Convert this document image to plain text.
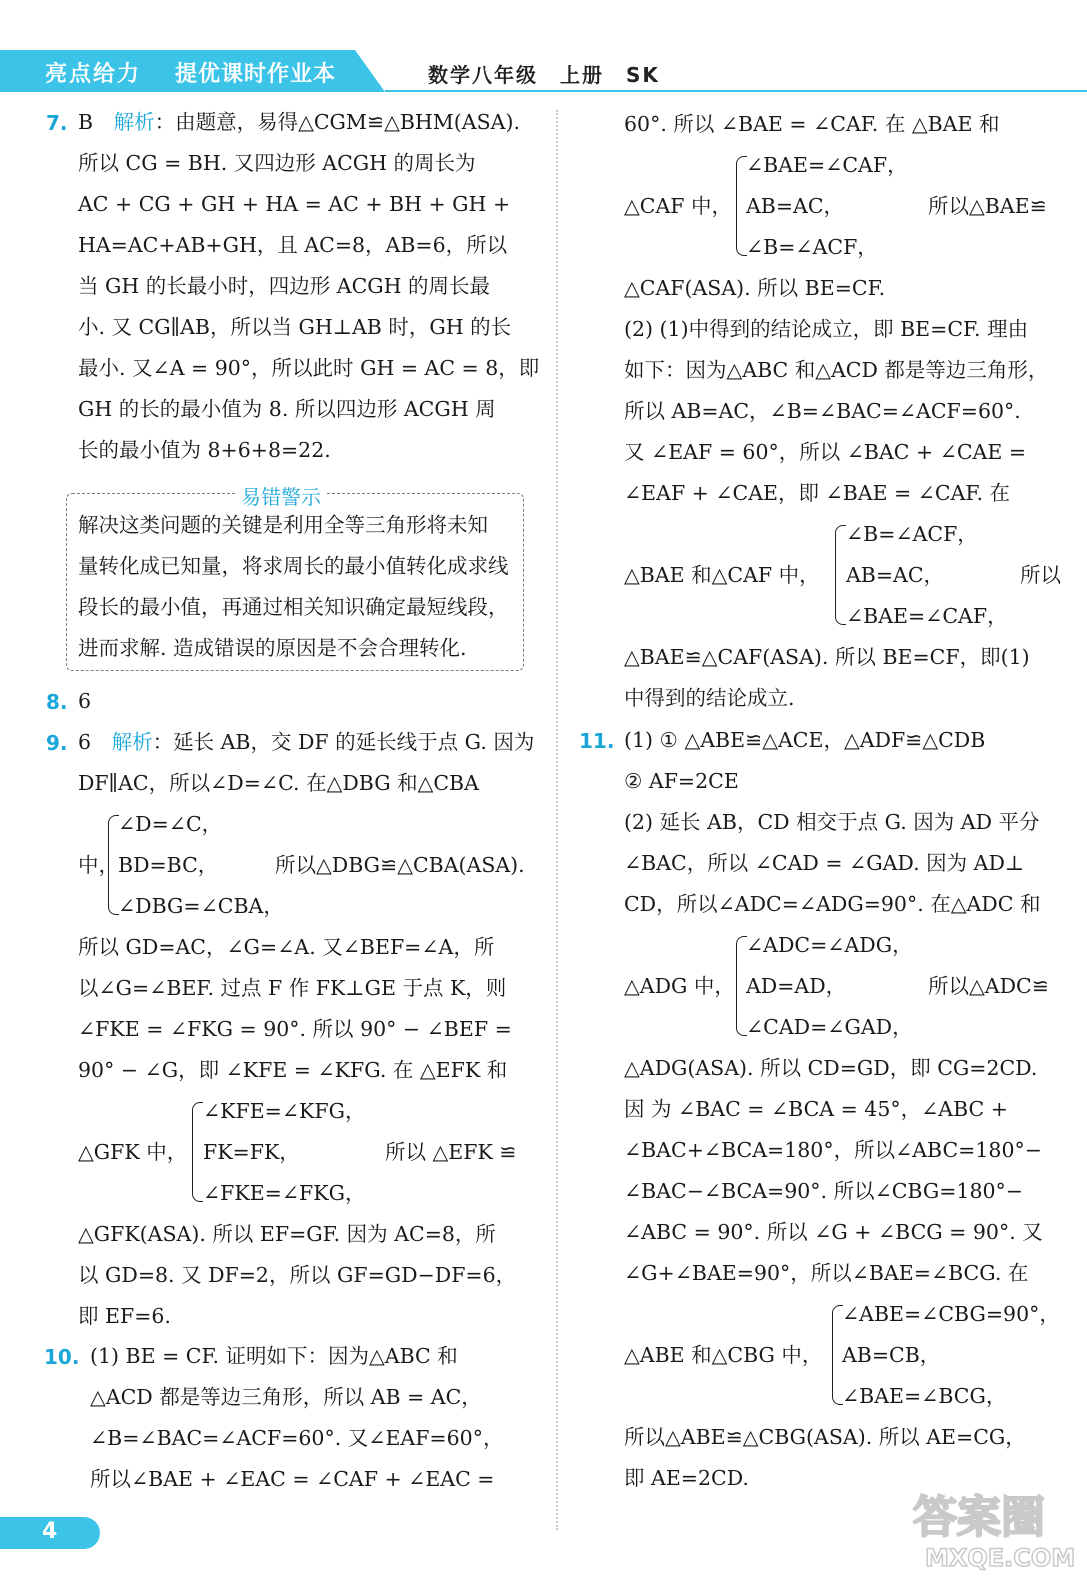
亮点给力 提优课时作业本	数学八年级　上册　SK
7. B 解析：由题意，易得△CGM≌△BHM(ASA).
所以 CG = BH. 又四边形 ACGH 的周长为
AC + CG + GH + HA = AC + BH + GH +
HA=AC+AB+GH，且 AC=8，AB=6，所以
当 GH 的长最小时，四边形 ACGH 的周长最
小. 又 CG∥AB，所以当 GH⊥AB 时，GH 的长
最小. 又∠A = 90°，所以此时 GH = AC = 8，即
GH 的长的最小值为 8. 所以四边形 ACGH 周
长的最小值为 8+6+8=22.
易错警示
解决这类问题的关键是利用全等三角形将未知
量转化成已知量，将求周长的最小值转化成求线
段长的最小值，再通过相关知识确定最短线段，
进而求解. 造成错误的原因是不会合理转化.
8. 6
9. 6 解析：延长 AB，交 DF 的延长线于点 G. 因为
DF∥AC，所以∠D=∠C. 在△DBG 和△CBA
中，
∠D=∠C，
BD=BC，
∠DBG=∠CBA，
所以△DBG≌△CBA(ASA).
所以 GD=AC，∠G=∠A. 又∠BEF=∠A，所
以∠G=∠BEF. 过点 F 作 FK⊥GE 于点 K，则
∠FKE = ∠FKG = 90°. 所以 90° − ∠BEF =
90° − ∠G，即 ∠KFE = ∠KFG. 在 △EFK 和
△GFK 中，
∠KFE=∠KFG，
FK=FK，
∠FKE=∠FKG，
所以 △EFK ≌
△GFK(ASA). 所以 EF=GF. 因为 AC=8，所
以 GD=8. 又 DF=2，所以 GF=GD−DF=6，
即 EF=6.
10. (1) BE = CF. 证明如下：因为△ABC 和
△ACD 都是等边三角形，所以 AB = AC，
∠B=∠BAC=∠ACF=60°. 又∠EAF=60°，
所以∠BAE + ∠EAC = ∠CAF + ∠EAC =
60°. 所以 ∠BAE = ∠CAF. 在 △BAE 和
△CAF 中，
∠BAE=∠CAF，
AB=AC，
∠B=∠ACF，
所以△BAE≌
△CAF(ASA). 所以 BE=CF.
(2) (1)中得到的结论成立，即 BE=CF. 理由
如下：因为△ABC 和△ACD 都是等边三角形，
所以 AB=AC，∠B=∠BAC=∠ACF=60°.
又 ∠EAF = 60°，所以 ∠BAC + ∠CAE =
∠EAF + ∠CAE，即 ∠BAE = ∠CAF. 在
△BAE 和△CAF 中，
∠B=∠ACF，
AB=AC，
∠BAE=∠CAF，
所以
△BAE≌△CAF(ASA). 所以 BE=CF，即(1)
中得到的结论成立.
11. (1) ① △ABE≌△ACE，△ADF≌△CDB
② AF=2CE
(2) 延长 AB，CD 相交于点 G. 因为 AD 平分
∠BAC，所以 ∠CAD = ∠GAD. 因为 AD⊥
CD，所以∠ADC=∠ADG=90°. 在△ADC 和
△ADG 中，
∠ADC=∠ADG，
AD=AD，
∠CAD=∠GAD，
所以△ADC≌
△ADG(ASA). 所以 CD=GD，即 CG=2CD.
因 为 ∠BAC = ∠BCA = 45°，∠ABC +
∠BAC+∠BCA=180°，所以∠ABC=180°−
∠BAC−∠BCA=90°. 所以∠CBG=180°−
∠ABC = 90°. 所以 ∠G + ∠BCG = 90°. 又
∠G+∠BAE=90°，所以∠BAE=∠BCG. 在
△ABE 和△CBG 中，
∠ABE=∠CBG=90°，
AB=CB，
∠BAE=∠BCG，
所以△ABE≌△CBG(ASA). 所以 AE=CG，
即 AE=2CD.
4	答案圈
MXQE.COM
